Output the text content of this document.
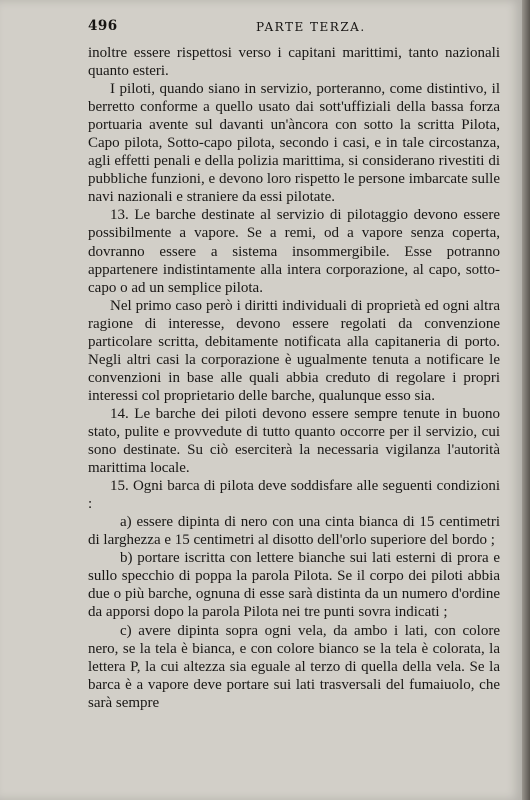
496	PARTE TERZA.

inoltre essere rispettosi verso i capitani marittimi, tanto nazionali quanto esteri.

I piloti, quando siano in servizio, porteranno, come distintivo, il berretto conforme a quello usato dai sott'uffiziali della bassa forza portuaria avente sul davanti un'àncora con sotto la scritta Pilota, Capo pilota, Sotto-capo pilota, secondo i casi, e in tale circostanza, agli effetti penali e della polizia marittima, si considerano rivestiti di pubbliche funzioni, e devono loro rispetto le persone imbarcate sulle navi nazionali e straniere da essi pilotate.

13. Le barche destinate al servizio di pilotaggio devono essere possibilmente a vapore. Se a remi, od a vapore senza coperta, dovranno essere a sistema insommergibile. Esse potranno appartenere indistintamente alla intera corporazione, al capo, sotto-capo o ad un semplice pilota.

Nel primo caso però i diritti individuali di proprietà ed ogni altra ragione di interesse, devono essere regolati da convenzione particolare scritta, debitamente notificata alla capitaneria di porto. Negli altri casi la corporazione è ugualmente tenuta a notificare le convenzioni in base alle quali abbia creduto di regolare i propri interessi col proprietario delle barche, qualunque esso sia.

14. Le barche dei piloti devono essere sempre tenute in buono stato, pulite e provvedute di tutto quanto occorre per il servizio, cui sono destinate. Su ciò eserciterà la necessaria vigilanza l'autorità marittima locale.

15. Ogni barca di pilota deve soddisfare alle seguenti condizioni :

a) essere dipinta di nero con una cinta bianca di 15 centimetri di larghezza e 15 centimetri al disotto dell'orlo superiore del bordo ;

b) portare iscritta con lettere bianche sui lati esterni di prora e sullo specchio di poppa la parola Pilota. Se il corpo dei piloti abbia due o più barche, ognuna di esse sarà distinta da un numero d'ordine da apporsi dopo la parola Pilota nei tre punti sovra indicati ;

c) avere dipinta sopra ogni vela, da ambo i lati, con colore nero, se la tela è bianca, e con colore bianco se la tela è colorata, la lettera P, la cui altezza sia eguale al terzo di quella della vela. Se la barca è a vapore deve portare sui lati trasversali del fumaiuolo, che sarà sempre
